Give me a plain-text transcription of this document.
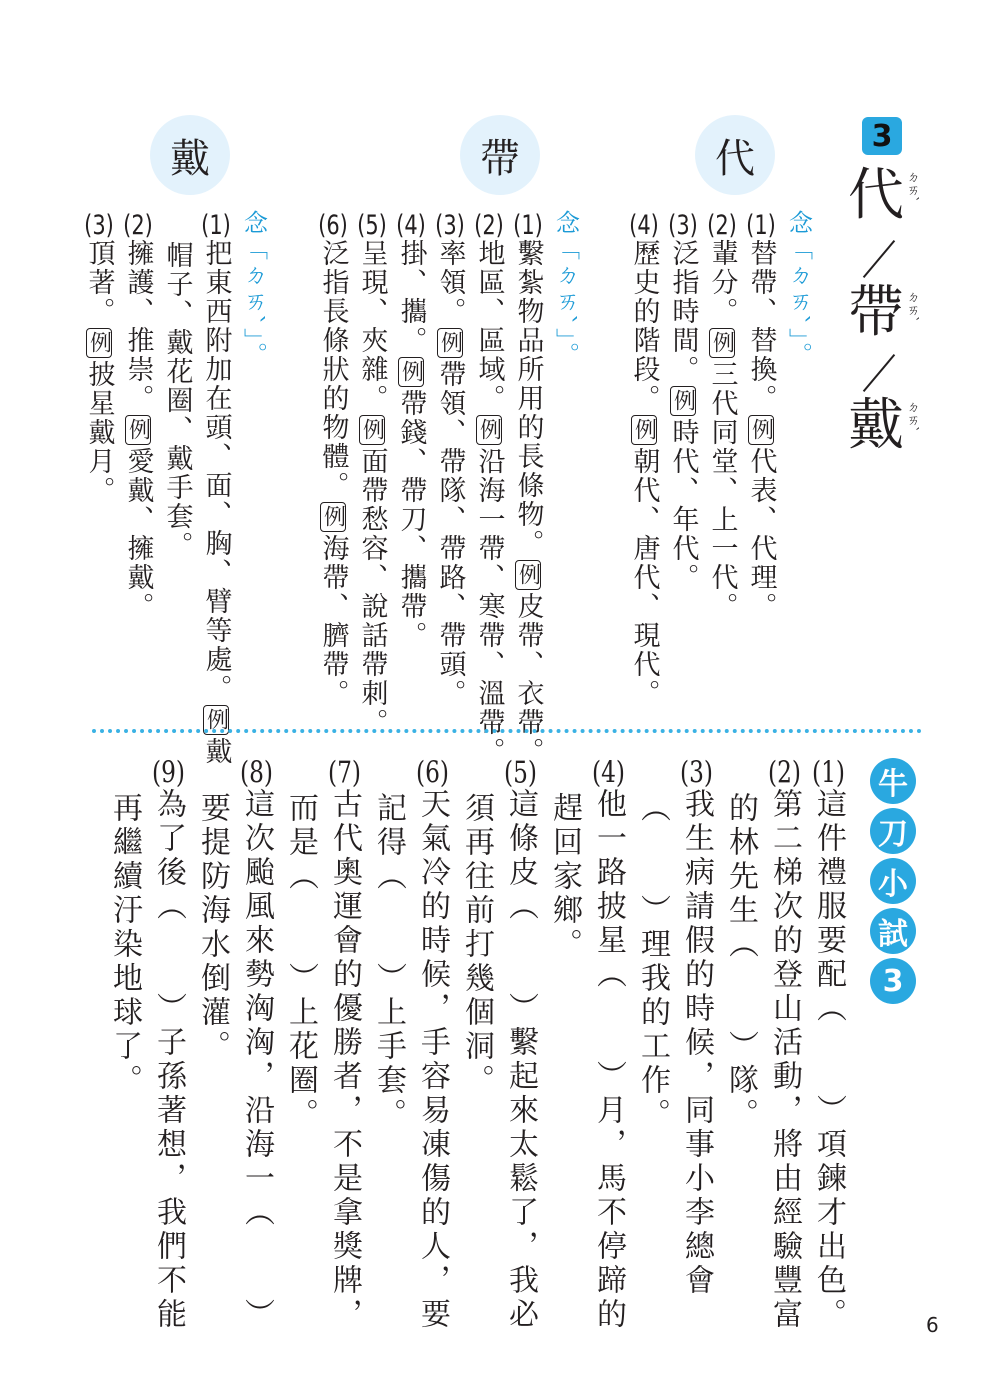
3
代 ㄉㄞˋ
帶 ㄉㄞˋ
戴 ㄉㄞˋ
代
念「ㄉㄞˋ」。
(1)替帶、替換。例代表、代理。
(2)輩分。例三代同堂、上一代。
(3)泛指時間。例時代、年代。
(4)歷史的階段。例朝代、唐代、現代。
帶
念「ㄉㄞˋ」。
(1)繫紮物品所用的長條物。例皮帶、衣帶。
(2)地區、區域。例沿海一帶、寒帶、溫帶。
(3)率領。例帶領、帶隊、帶路、帶頭。
(4)掛、攜。例帶錢、帶刀、攜帶。
(5)呈現、夾雜。例面帶愁容、說話帶刺。
(6)泛指長條狀的物體。例海帶、臍帶。
戴
念「ㄉㄞˋ」。
(1)把東西附加在頭、面、胸、臂等處。例戴
帽子、戴花圈、戴手套。
(2)擁護、推崇。例愛戴、擁戴。
(3)頂著。例披星戴月。
牛
刀
小
試
3
(1)這件禮服要配（　　）項鍊才出色。
(2)第二梯次的登山活動，將由經驗豐富
的林先生（　　）隊。
(3)我生病請假的時候，同事小李總會
（　　）理我的工作。
(4)他一路披星（　　）月，馬不停蹄的
趕回家鄉。
(5)這條皮（　　）繫起來太鬆了，我必
須再往前打幾個洞。
(6)天氣冷的時候，手容易凍傷的人，要
記得（　　）上手套。
(7)古代奧運會的優勝者，不是拿獎牌，
而是（　　）上花圈。
(8)這次颱風來勢洶洶，沿海一（　　）
要提防海水倒灌。
(9)為了後（　　）子孫著想，我們不能
再繼續汙染地球了。
6
